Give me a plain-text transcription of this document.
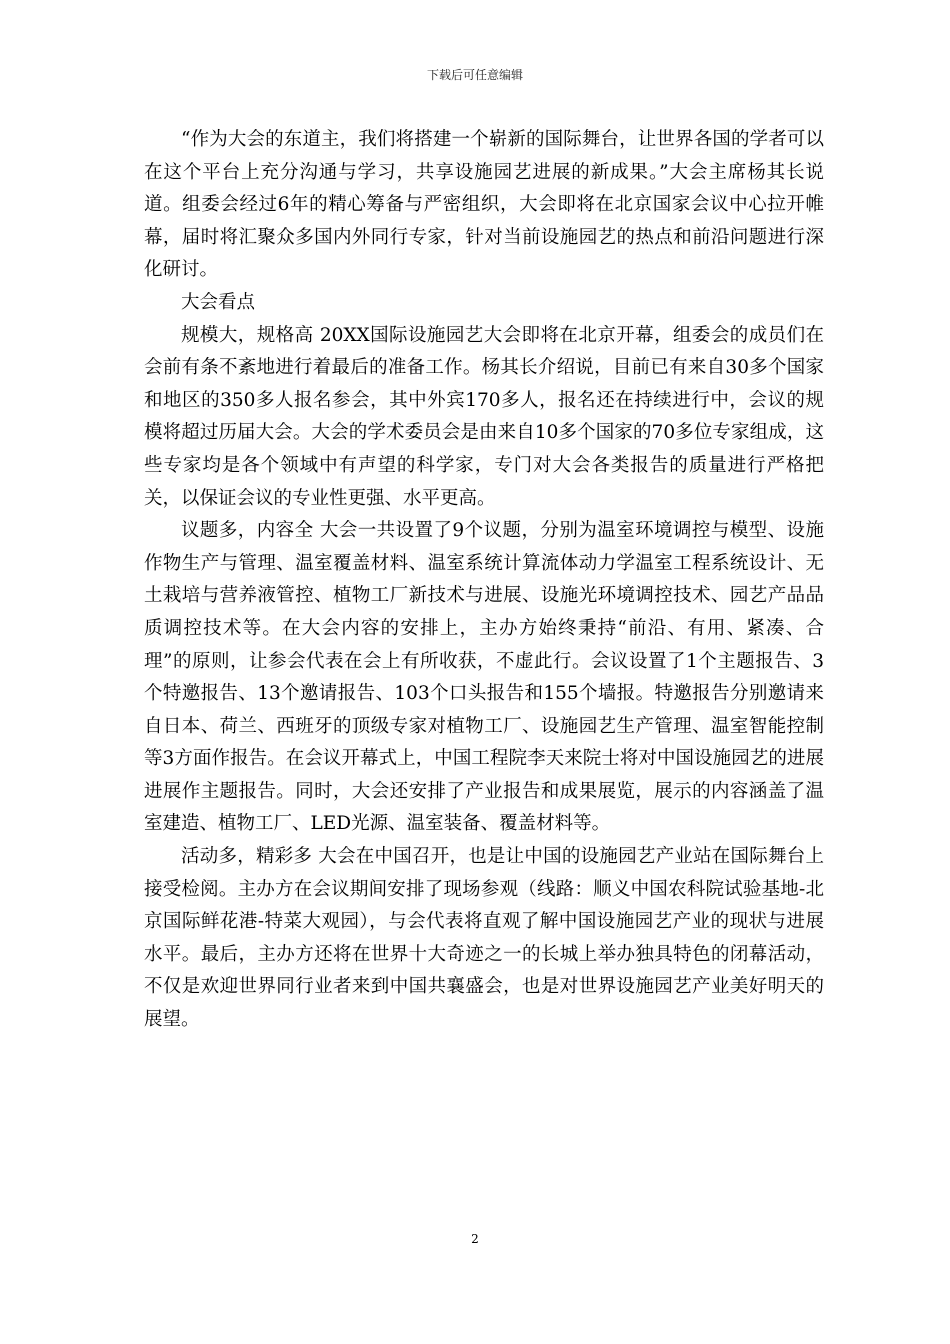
下载后可任意编辑

“作为大会的东道主，我们将搭建一个崭新的国际舞台，让世界各国的学者可以在这个平台上充分沟通与学习，共享设施园艺进展的新成果。”大会主席杨其长说道。组委会经过6年的精心筹备与严密组织，大会即将在北京国家会议中心拉开帷幕，届时将汇聚众多国内外同行专家，针对当前设施园艺的热点和前沿问题进行深化研讨。

大会看点

规模大，规格高 20XX国际设施园艺大会即将在北京开幕，组委会的成员们在会前有条不紊地进行着最后的准备工作。杨其长介绍说，目前已有来自30多个国家和地区的350多人报名参会，其中外宾170多人，报名还在持续进行中，会议的规模将超过历届大会。大会的学术委员会是由来自10多个国家的70多位专家组成，这些专家均是各个领域中有声望的科学家，专门对大会各类报告的质量进行严格把关，以保证会议的专业性更强、水平更高。

议题多，内容全 大会一共设置了9个议题，分别为温室环境调控与模型、设施作物生产与管理、温室覆盖材料、温室系统计算流体动力学温室工程系统设计、无土栽培与营养液管控、植物工厂新技术与进展、设施光环境调控技术、园艺产品品质调控技术等。在大会内容的安排上，主办方始终秉持“前沿、有用、紧凑、合理”的原则，让参会代表在会上有所收获，不虚此行。会议设置了1个主题报告、3个特邀报告、13个邀请报告、103个口头报告和155个墙报。特邀报告分别邀请来自日本、荷兰、西班牙的顶级专家对植物工厂、设施园艺生产管理、温室智能控制等3方面作报告。在会议开幕式上，中国工程院李天来院士将对中国设施园艺的进展进展作主题报告。同时，大会还安排了产业报告和成果展览，展示的内容涵盖了温室建造、植物工厂、LED光源、温室装备、覆盖材料等。

活动多，精彩多 大会在中国召开，也是让中国的设施园艺产业站在国际舞台上接受检阅。主办方在会议期间安排了现场参观（线路：顺义中国农科院试验基地-北京国际鲜花港-特菜大观园），与会代表将直观了解中国设施园艺产业的现状与进展水平。最后，主办方还将在世界十大奇迹之一的长城上举办独具特色的闭幕活动，不仅是欢迎世界同行业者来到中国共襄盛会，也是对世界设施园艺产业美好明天的展望。

2
